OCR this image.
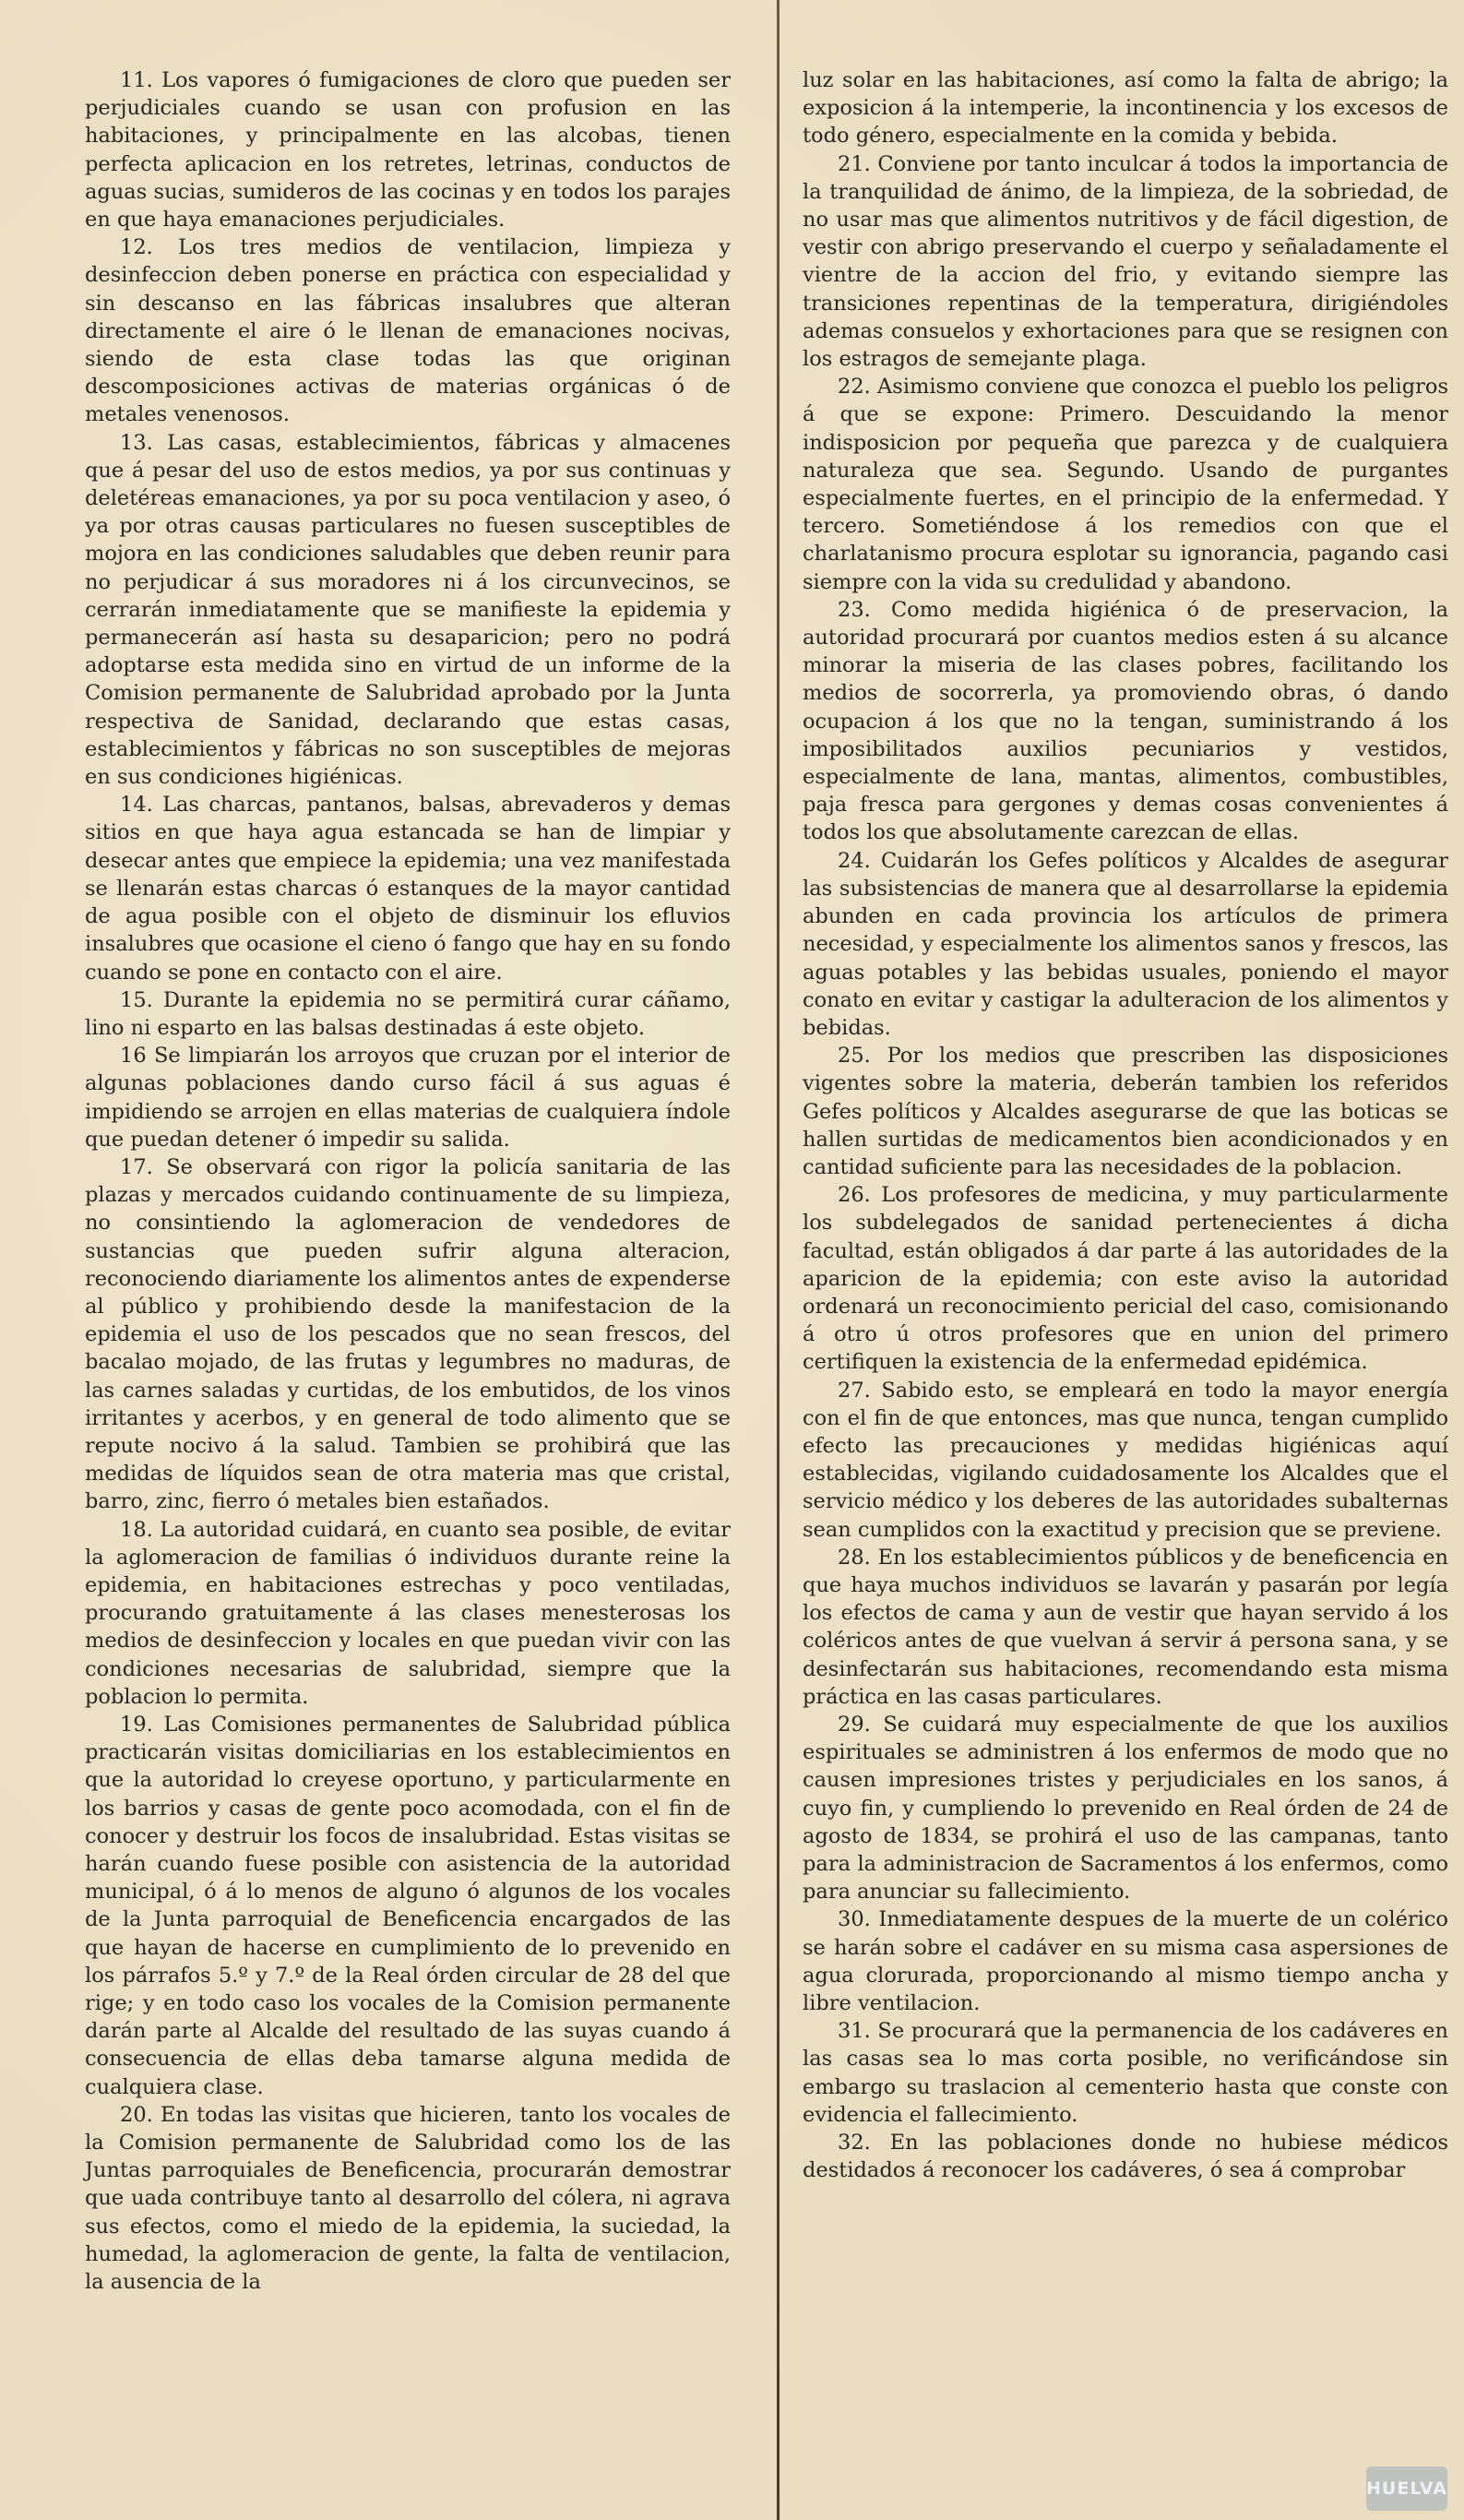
11. Los vapores ó fumigaciones de cloro que pueden ser perjudiciales cuando se usan con profusion en las habitaciones, y principalmente en las alcobas, tienen perfecta aplicacion en los retretes, letrinas, conductos de aguas sucias, sumideros de las cocinas y en todos los parajes en que haya emanaciones perjudiciales.

12. Los tres medios de ventilacion, limpieza y desinfeccion deben ponerse en práctica con especialidad y sin descanso en las fábricas insalubres que alteran directamente el aire ó le llenan de emanaciones nocivas, siendo de esta clase todas las que originan descomposiciones activas de materias orgánicas ó de metales venenosos.

13. Las casas, establecimientos, fábricas y almacenes que á pesar del uso de estos medios, ya por sus continuas y deletéreas emanaciones, ya por su poca ventilacion y aseo, ó ya por otras causas particulares no fuesen susceptibles de mojora en las condiciones saludables que deben reunir para no perjudicar á sus moradores ni á los circunvecinos, se cerrarán inmediatamente que se manifieste la epidemia y permanecerán así hasta su desaparicion; pero no podrá adoptarse esta medida sino en virtud de un informe de la Comision permanente de Salubridad aprobado por la Junta respectiva de Sanidad, declarando que estas casas, establecimientos y fábricas no son susceptibles de mejoras en sus condiciones higiénicas.

14. Las charcas, pantanos, balsas, abrevaderos y demas sitios en que haya agua estancada se han de limpiar y desecar antes que empiece la epidemia; una vez manifestada se llenarán estas charcas ó estanques de la mayor cantidad de agua posible con el objeto de disminuir los efluvios insalubres que ocasione el cieno ó fango que hay en su fondo cuando se pone en contacto con el aire.

15. Durante la epidemia no se permitirá curar cáñamo, lino ni esparto en las balsas destinadas á este objeto.

16 Se limpiarán los arroyos que cruzan por el interior de algunas poblaciones dando curso fácil á sus aguas é impidiendo se arrojen en ellas materias de cualquiera índole que puedan detener ó impedir su salida.

17. Se observará con rigor la policía sanitaria de las plazas y mercados cuidando continuamente de su limpieza, no consintiendo la aglomeracion de vendedores de sustancias que pueden sufrir alguna alteracion, reconociendo diariamente los alimentos antes de expenderse al público y prohibiendo desde la manifestacion de la epidemia el uso de los pescados que no sean frescos, del bacalao mojado, de las frutas y legumbres no maduras, de las carnes saladas y curtidas, de los embutidos, de los vinos irritantes y acerbos, y en general de todo alimento que se repute nocivo á la salud. Tambien se prohibirá que las medidas de líquidos sean de otra materia mas que cristal, barro, zinc, fierro ó metales bien estañados.

18. La autoridad cuidará, en cuanto sea posible, de evitar la aglomeracion de familias ó individuos durante reine la epidemia, en habitaciones estrechas y poco ventiladas, procurando gratuitamente á las clases menesterosas los medios de desinfeccion y locales en que puedan vivir con las condiciones necesarias de salubridad, siempre que la poblacion lo permita.

19. Las Comisiones permanentes de Salubridad pública practicarán visitas domiciliarias en los establecimientos en que la autoridad lo creyese oportuno, y particularmente en los barrios y casas de gente poco acomodada, con el fin de conocer y destruir los focos de insalubridad. Estas visitas se harán cuando fuese posible con asistencia de la autoridad municipal, ó á lo menos de alguno ó algunos de los vocales de la Junta parroquial de Beneficencia encargados de las que hayan de hacerse en cumplimiento de lo prevenido en los párrafos 5.º y 7.º de la Real órden circular de 28 del que rige; y en todo caso los vocales de la Comision permanente darán parte al Alcalde del resultado de las suyas cuando á consecuencia de ellas deba tamarse alguna medida de cualquiera clase.

20. En todas las visitas que hicieren, tanto los vocales de la Comision permanente de Salubridad como los de las Juntas parroquiales de Beneficencia, procurarán demostrar que uada contribuye tanto al desarrollo del cólera, ni agrava sus efectos, como el miedo de la epidemia, la suciedad, la humedad, la aglomeracion de gente, la falta de ventilacion, la ausencia de la

luz solar en las habitaciones, así como la falta de abrigo; la exposicion á la intemperie, la incontinencia y los excesos de todo género, especialmente en la comida y bebida.

21. Conviene por tanto inculcar á todos la importancia de la tranquilidad de ánimo, de la limpieza, de la sobriedad, de no usar mas que alimentos nutritivos y de fácil digestion, de vestir con abrigo preservando el cuerpo y señaladamente el vientre de la accion del frio, y evitando siempre las transiciones repentinas de la temperatura, dirigiéndoles ademas consuelos y exhortaciones para que se resignen con los estragos de semejante plaga.

22. Asimismo conviene que conozca el pueblo los peligros á que se expone: Primero. Descuidando la menor indisposicion por pequeña que parezca y de cualquiera naturaleza que sea. Segundo. Usando de purgantes especialmente fuertes, en el principio de la enfermedad. Y tercero. Sometiéndose á los remedios con que el charlatanismo procura esplotar su ignorancia, pagando casi siempre con la vida su credulidad y abandono.

23. Como medida higiénica ó de preservacion, la autoridad procurará por cuantos medios esten á su alcance minorar la miseria de las clases pobres, facilitando los medios de socorrerla, ya promoviendo obras, ó dando ocupacion á los que no la tengan, suministrando á los imposibilitados auxilios pecuniarios y vestidos, especialmente de lana, mantas, alimentos, combustibles, paja fresca para gergones y demas cosas convenientes á todos los que absolutamente carezcan de ellas.

24. Cuidarán los Gefes políticos y Alcaldes de asegurar las subsistencias de manera que al desarrollarse la epidemia abunden en cada provincia los artículos de primera necesidad, y especialmente los alimentos sanos y frescos, las aguas potables y las bebidas usuales, poniendo el mayor conato en evitar y castigar la adulteracion de los alimentos y bebidas.

25. Por los medios que prescriben las disposiciones vigentes sobre la materia, deberán tambien los referidos Gefes políticos y Alcaldes asegurarse de que las boticas se hallen surtidas de medicamentos bien acondicionados y en cantidad suficiente para las necesidades de la poblacion.

26. Los profesores de medicina, y muy particularmente los subdelegados de sanidad pertenecientes á dicha facultad, están obligados á dar parte á las autoridades de la aparicion de la epidemia; con este aviso la autoridad ordenará un reconocimiento pericial del caso, comisionando á otro ú otros profesores que en union del primero certifiquen la existencia de la enfermedad epidémica.

27. Sabido esto, se empleará en todo la mayor energía con el fin de que entonces, mas que nunca, tengan cumplido efecto las precauciones y medidas higiénicas aquí establecidas, vigilando cuidadosamente los Alcaldes que el servicio médico y los deberes de las autoridades subalternas sean cumplidos con la exactitud y precision que se previene.

28. En los establecimientos públicos y de beneficencia en que haya muchos individuos se lavarán y pasarán por legía los efectos de cama y aun de vestir que hayan servido á los coléricos antes de que vuelvan á servir á persona sana, y se desinfectarán sus habitaciones, recomendando esta misma práctica en las casas particulares.

29. Se cuidará muy especialmente de que los auxilios espirituales se administren á los enfermos de modo que no causen impresiones tristes y perjudiciales en los sanos, á cuyo fin, y cumpliendo lo prevenido en Real órden de 24 de agosto de 1834, se prohirá el uso de las campanas, tanto para la administracion de Sacramentos á los enfermos, como para anunciar su fallecimiento.

30. Inmediatamente despues de la muerte de un colérico se harán sobre el cadáver en su misma casa aspersiones de agua clorurada, proporcionando al mismo tiempo ancha y libre ventilacion.

31. Se procurará que la permanencia de los cadáveres en las casas sea lo mas corta posible, no verificándose sin embargo su traslacion al cementerio hasta que conste con evidencia el fallecimiento.

32. En las poblaciones donde no hubiese médicos destidados á reconocer los cadáveres, ó sea á comprobar

HUELVA
